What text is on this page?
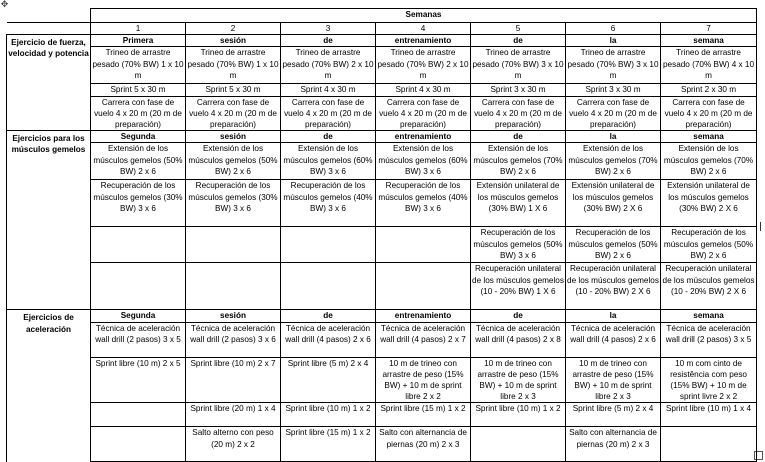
✥
	Semanas						
	1	2	3	4	5	6	7
Ejercicio de fuerza, velocidad y potencia	Primera	sesión	de	entrenamiento	de	la	semana
	Trineo de arrastre pesado (70% BW) 1 x 10 m	Trineo de arrastre pesado (70% BW) 1 x 10 m	Trineo de arrastre pesado (70% BW) 2 x 10 m	Trineo de arrastre pesado (70% BW) 2 x 10 m	Trineo de arrastre pesado (70% BW) 3 x 10 m	Trineo de arrastre pesado (70% BW) 3 x 10 m	Trineo de arrastre pesado (70% BW) 4 x 10 m
	Sprint 5 x 30 m	Sprint 5 x 30 m	Sprint 4 x 30 m	Sprint 4 x 30 m	Sprint 3 x 30 m	Sprint 3 x 30 m	Sprint 2 x 30 m
	Carrera con fase de vuelo 4 x 20 m (20 m de preparación)	Carrera con fase de vuelo 4 x 20 m (20 m de preparación)	Carrera con fase de vuelo 4 x 20 m (20 m de preparación)	Carrera con fase de vuelo 4 x 20 m (20 m de preparación)	Carrera con fase de vuelo 4 x 20 m (20 m de preparación)	Carrera con fase de vuelo 4 x 20 m (20 m de preparación)	Carrera con fase de vuelo 4 x 20 m (20 m de preparación)
Ejercicios para los músculos gemelos	Segunda	sesión	de	entrenamiento	de	la	semana
	Extensión de los músculos gemelos (50% BW) 2 x 6	Extensión de los músculos gemelos (50% BW) 2 x 6	Extensión de los músculos gemelos (60% BW) 3 x 6	Extensión de los músculos gemelos (60% BW) 3 x 6	Extensión de los músculos gemelos (70% BW) 2 x 6	Extensión de los músculos gemelos (70% BW) 2 x 6	Extensión de los músculos gemelos (70% BW) 2 x 6
	Recuperación de los músculos gemelos (30% BW) 3 x 6	Recuperación de los músculos gemelos (30% BW) 3 x 6	Recuperación de los músculos gemelos (40% BW) 3 x 6	Recuperación de los músculos gemelos (40% BW) 3 x 6	Extensión unilateral de los músculos gemelos (30% BW) 1 X 6	Extensión unilateral de los músculos gemelos (30% BW) 2 X 6	Extensión unilateral de los músculos gemelos (30% BW) 2 X 6
					Recuperación de los músculos gemelos (50% BW) 3 x 6	Recuperación de los músculos gemelos (50% BW) 2 x 6	Recuperación de los músculos gemelos (50% BW) 2 x 6
					Recuperación unilateral de los músculos gemelos (10 - 20% BW) 1 X 6	Recuperación unilateral de los músculos gemelos (10 - 20% BW) 2 X 6	Recuperación unilateral de los músculos gemelos (10 - 20% BW) 2 X 6
Ejercicios de aceleración	Segunda	sesión	de	entrenamiento	de	la	semana
	Técnica de aceleración wall drill (2 pasos) 3 x 5	Técnica de aceleración wall drill (2 pasos) 3 x 6	Técnica de aceleración wall drill (4 pasos) 2 x 6	Técnica de aceleración wall drill (4 pasos) 2 x 7	Técnica de aceleración wall drill (4 pasos) 2 x 8	Técnica de aceleración wall drill (4 pasos) 2 x 6	Técnica de aceleración wall drill (2 pasos) 3 x 5
	Sprint libre (10 m) 2 x 5	Sprint libre (10 m) 2 x 7	Sprint libre (5 m) 2 x 4	10 m de trineo con arrastre de peso (15% BW) + 10 m de sprint libre 2 x 2	10 m de trineo con arrastre de peso (15% BW) + 10 m de sprint libre 2 x 3	10 m de trineo con arrastre de peso (15% BW) + 10 m de sprint libre 2 x 3	10 m com cinto de resistência com peso (15% BW) + 10 m de sprint livre 2 x 2
		Sprint libre (20 m) 1 x 4	Sprint libre (10 m) 1 x 2	Sprint libre (15 m) 1 x 2	Sprint libre (10 m) 1 x 2	Sprint libre (5 m) 2 x 4	Sprint libre (10 m) 1 x 4
		Salto alterno con peso (20 m) 2 x 2	Sprint libre (15 m) 1 x 2	Salto con alternancia de piernas (20 m) 2 x 3		Salto con alternancia de piernas (20 m) 2 x 3	
